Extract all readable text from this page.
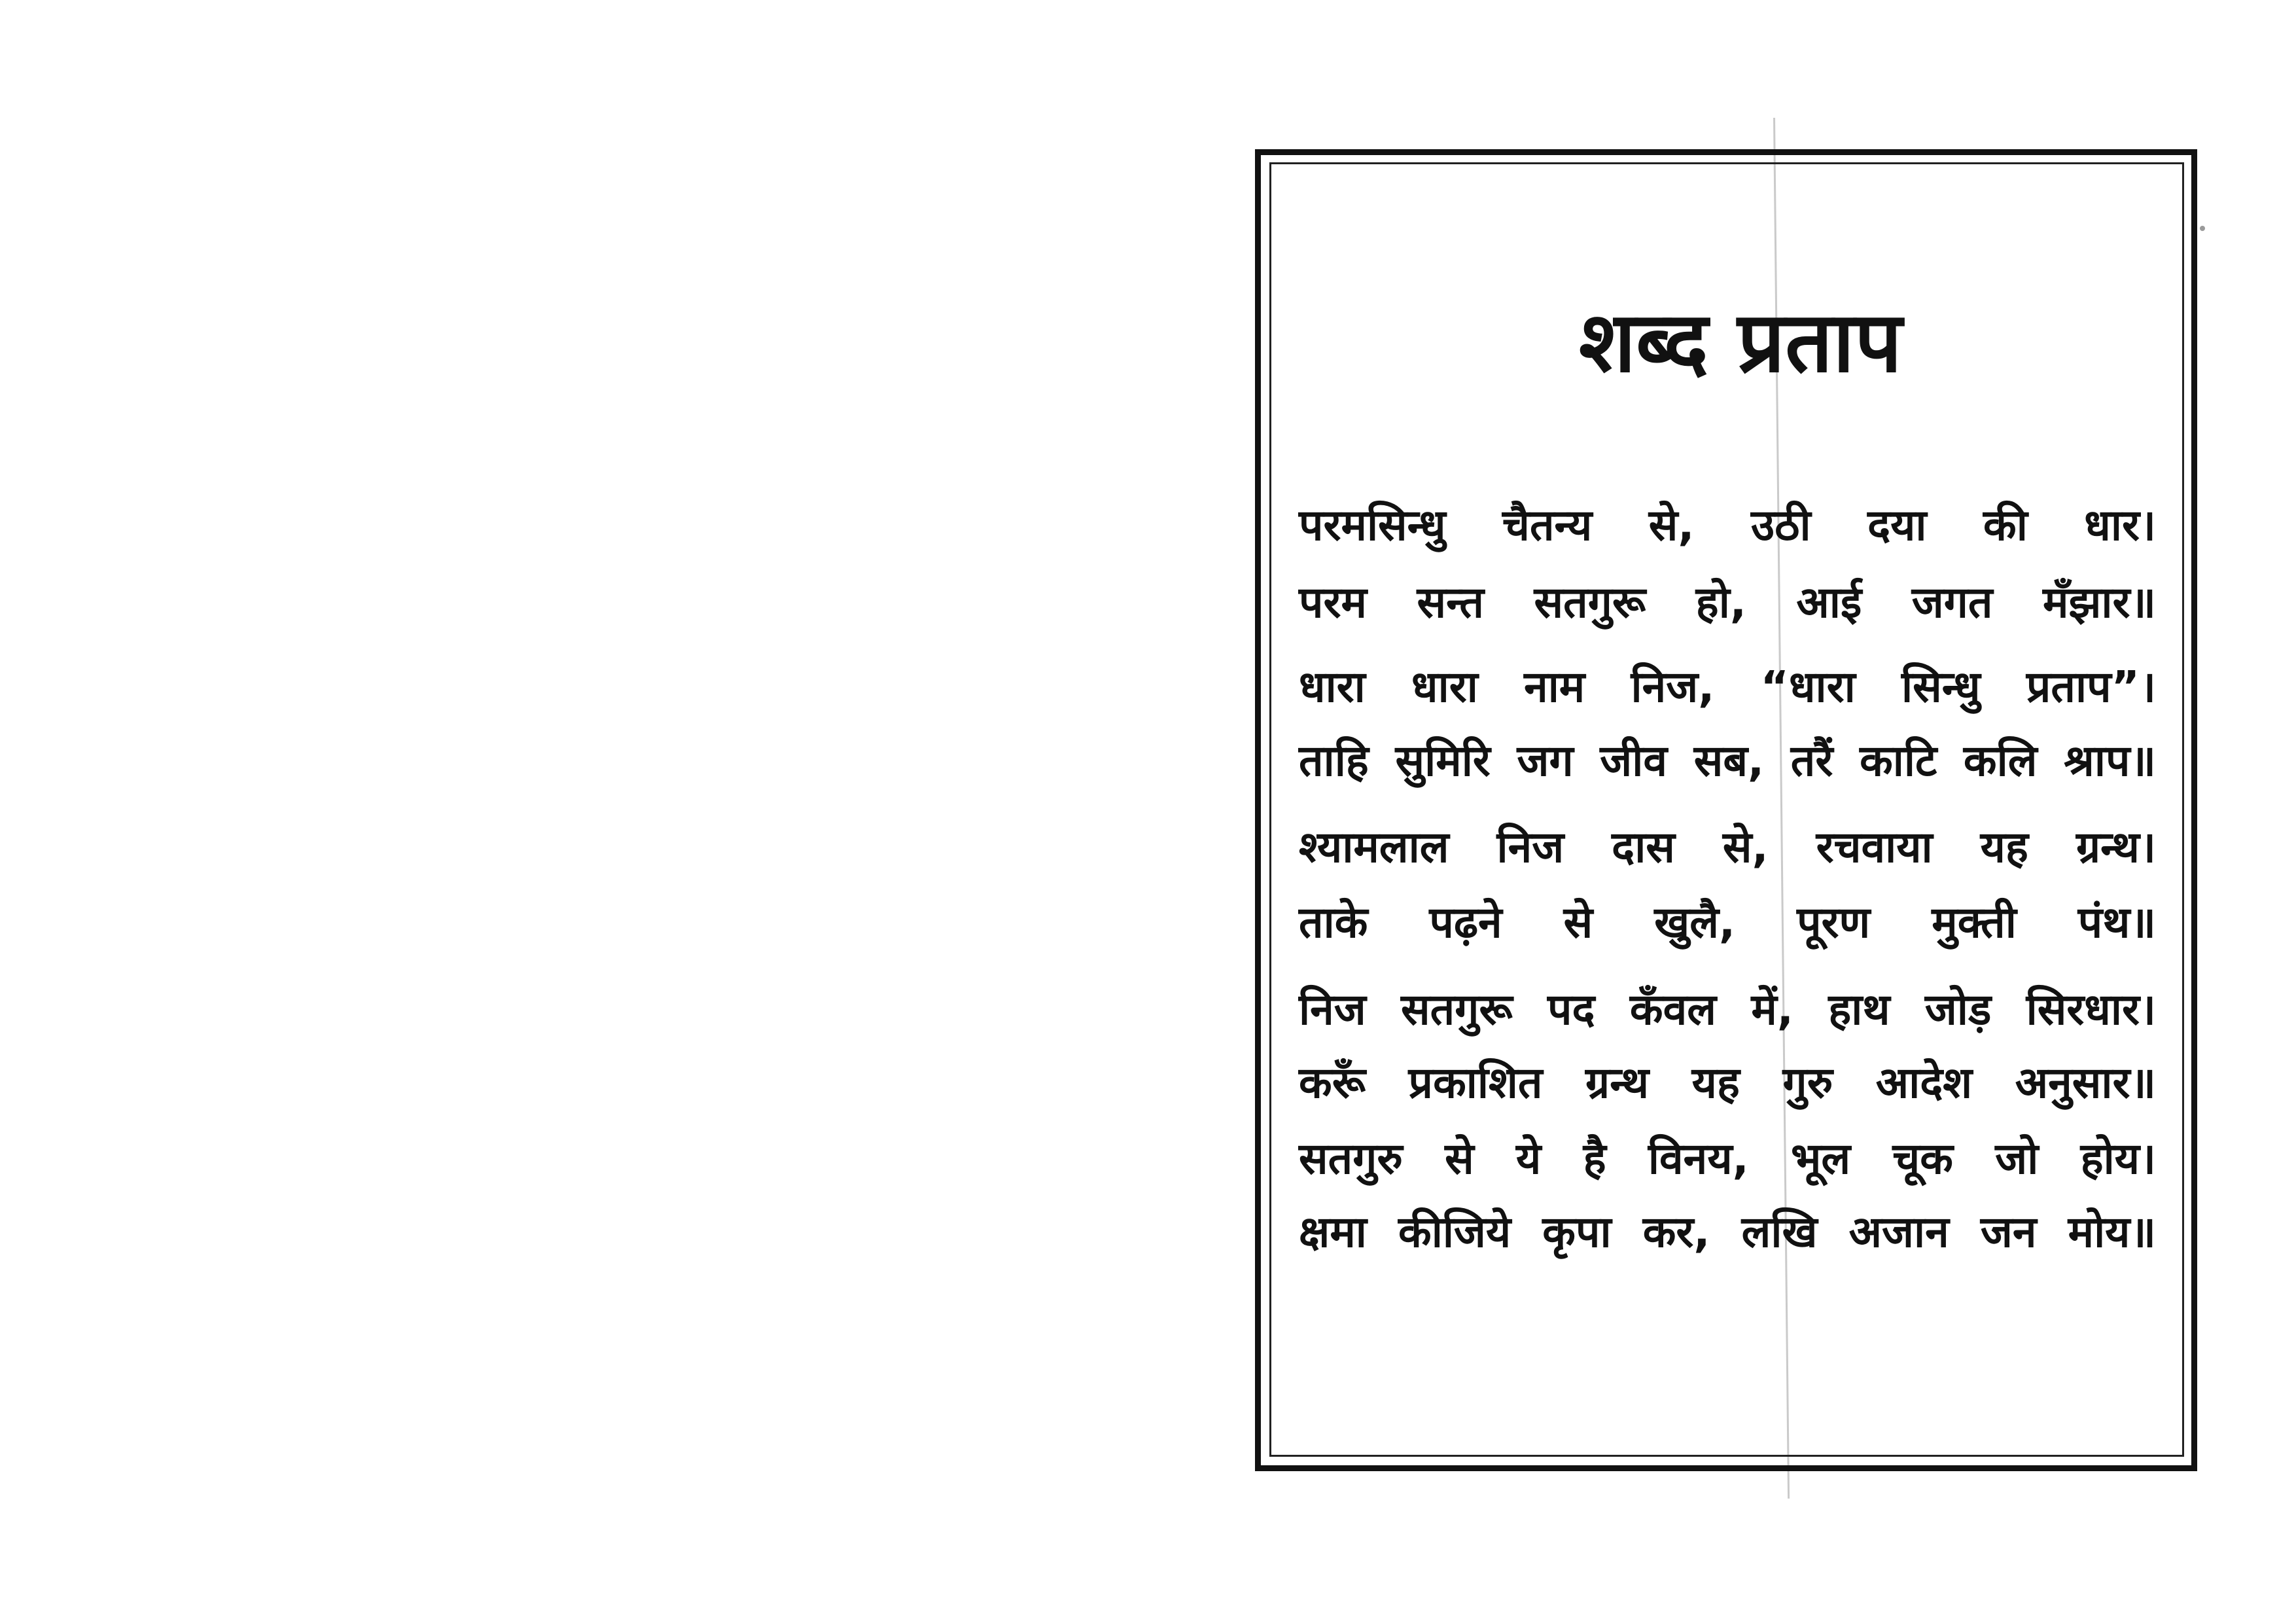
शब्द प्रताप
परमसिन्धु चैतन्य से, उठी दया की धार।
परम सन्त सतगुरू हो, आई जगत मँझार॥
धारा धारा नाम निज, “धारा सिन्धु प्रताप”।
ताहि सुमिरि जग जीव सब, तरैं काटि कलि श्राप॥
श्यामलाल निज दास से, रचवाया यह ग्रन्थ।
ताके पढ़ने से खुलै, पूरण मुक्ती पंथ॥
निज सतगुरू पद कँवल में, हाथ जोड़ सिरधार।
करूँ प्रकाशित ग्रन्थ यह गुरु आदेश अनुसार॥
सतगुरु से ये है विनय, भूल चूक जो होय।
क्षमा कीजिये कृपा कर, लखि अजान जन मोय॥
